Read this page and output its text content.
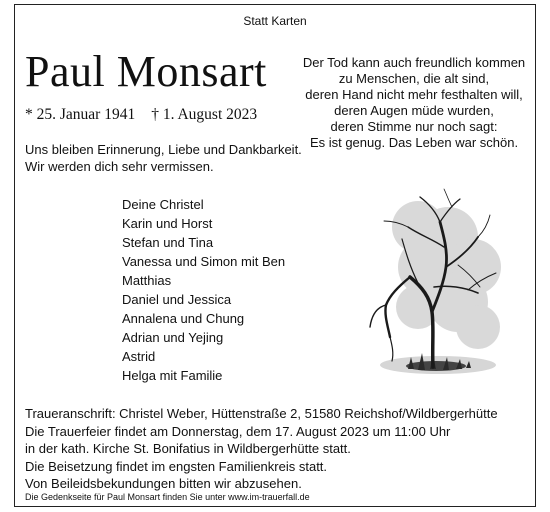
Statt Karten
Paul Monsart
* 25. Januar 1941 † 1. August 2023
Uns bleiben Erinnerung, Liebe und Dankbarkeit.
Wir werden dich sehr vermissen.
Der Tod kann auch freundlich kommen
zu Menschen, die alt sind,
deren Hand nicht mehr festhalten will,
deren Augen müde wurden,
deren Stimme nur noch sagt:
Es ist genug. Das Leben war schön.
Deine Christel
Karin und Horst
Stefan und Tina
Vanessa und Simon mit Ben
Matthias
Daniel und Jessica
Annalena und Chung
Adrian und Yejing
Astrid
Helga mit Familie
Traueranschrift: Christel Weber, Hüttenstraße 2, 51580 Reichshof/Wildbergerhütte
Die Trauerfeier findet am Donnerstag, dem 17. August 2023 um 11:00 Uhr
in der kath. Kirche St. Bonifatius in Wildbergerhütte statt.
Die Beisetzung findet im engsten Familienkreis statt.
Von Beileidsbekundungen bitten wir abzusehen.
Die Gedenkseite für Paul Monsart finden Sie unter www.im-trauerfall.de
